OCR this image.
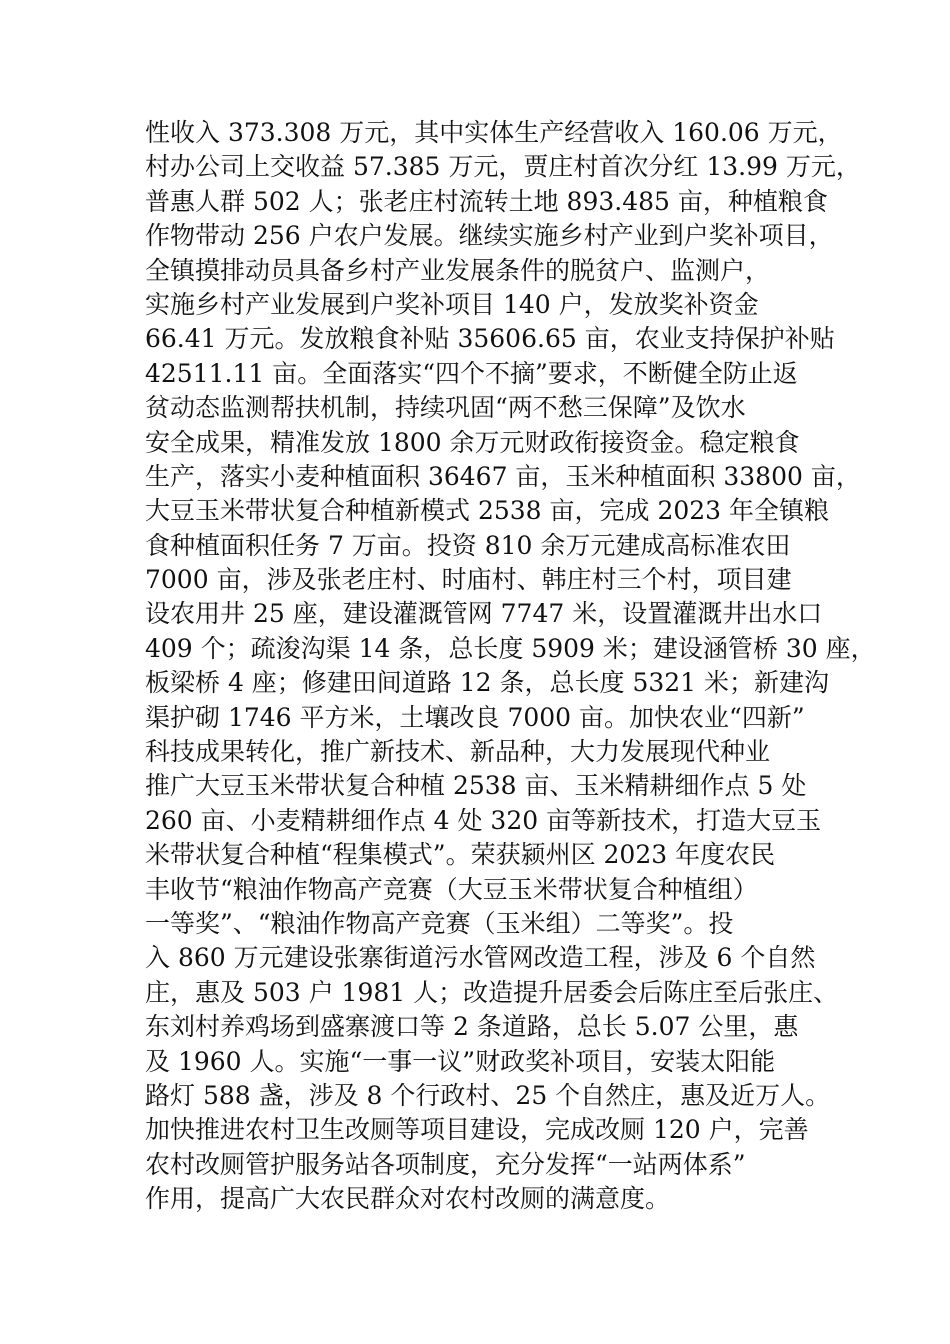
性收入 373.308 万元，其中实体生产经营收入 160.06 万元，
村办公司上交收益 57.385 万元，贾庄村首次分红 13.99 万元，
普惠人群 502 人；张老庄村流转土地 893.485 亩，种植粮食
作物带动 256 户农户发展。继续实施乡村产业到户奖补项目，
全镇摸排动员具备乡村产业发展条件的脱贫户、监测户，
实施乡村产业发展到户奖补项目 140 户，发放奖补资金
66.41 万元。发放粮食补贴 35606.65 亩，农业支持保护补贴
42511.11 亩。全面落实“四个不摘”要求，不断健全防止返
贫动态监测帮扶机制，持续巩固“两不愁三保障”及饮水
安全成果，精准发放 1800 余万元财政衔接资金。稳定粮食
生产，落实小麦种植面积 36467 亩，玉米种植面积 33800 亩，
大豆玉米带状复合种植新模式 2538 亩，完成 2023 年全镇粮
食种植面积任务 7 万亩。投资 810 余万元建成高标准农田
7000 亩，涉及张老庄村、时庙村、韩庄村三个村，项目建
设农用井 25 座，建设灌溉管网 7747 米，设置灌溉井出水口
409 个；疏浚沟渠 14 条，总长度 5909 米；建设涵管桥 30 座，
板梁桥 4 座；修建田间道路 12 条，总长度 5321 米；新建沟
渠护砌 1746 平方米，土壤改良 7000 亩。加快农业“四新”
科技成果转化，推广新技术、新品种，大力发展现代种业
推广大豆玉米带状复合种植 2538 亩、玉米精耕细作点 5 处
260 亩、小麦精耕细作点 4 处 320 亩等新技术，打造大豆玉
米带状复合种植“程集模式”。荣获颍州区 2023 年度农民
丰收节“粮油作物高产竞赛（大豆玉米带状复合种植组）
一等奖”、“粮油作物高产竞赛（玉米组）二等奖”。投
入 860 万元建设张寨街道污水管网改造工程，涉及 6 个自然
庄，惠及 503 户 1981 人；改造提升居委会后陈庄至后张庄、
东刘村养鸡场到盛寨渡口等 2 条道路，总长 5.07 公里，惠
及 1960 人。实施“一事一议”财政奖补项目，安装太阳能
路灯 588 盏，涉及 8 个行政村、25 个自然庄，惠及近万人。
加快推进农村卫生改厕等项目建设，完成改厕 120 户，完善
农村改厕管护服务站各项制度，充分发挥“一站两体系”
作用，提高广大农民群众对农村改厕的满意度。
